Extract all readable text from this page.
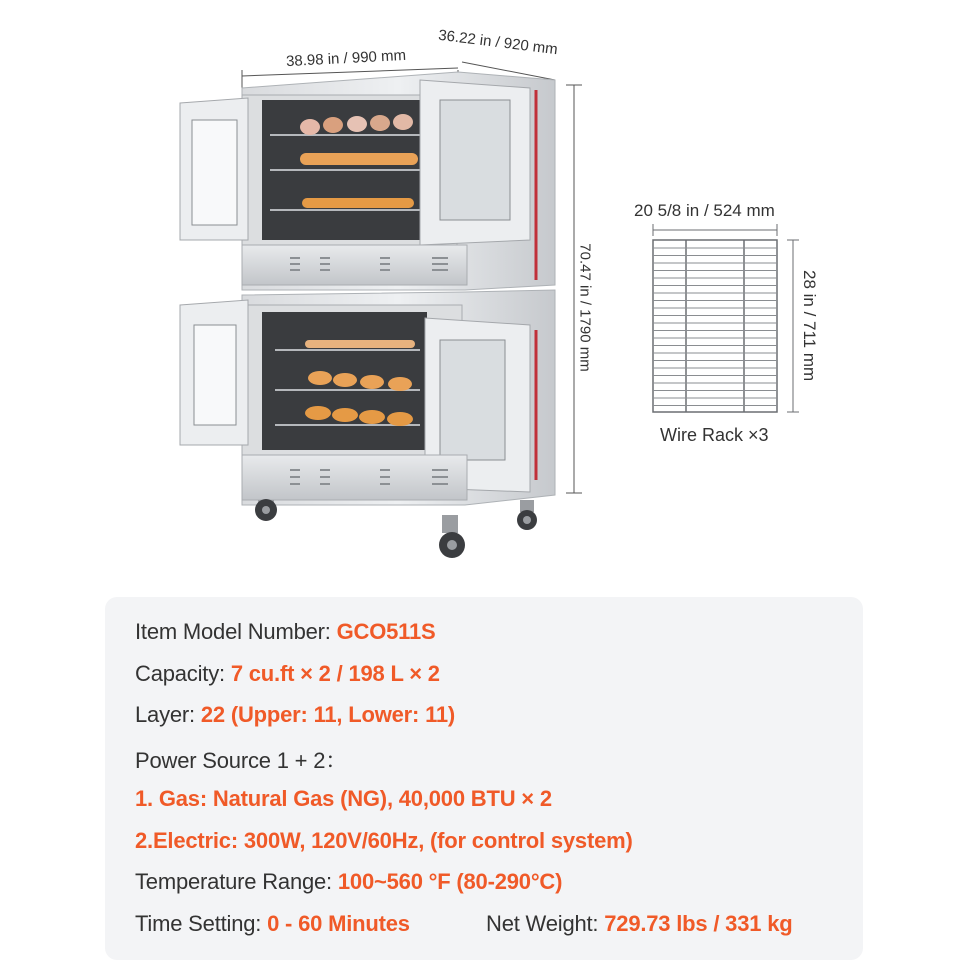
38.98 in / 990 mm
36.22 in / 920 mm
70.47 in / 1790 mm
20 5/8 in / 524 mm
28 in / 711 mm
Wire Rack ×3
Item Model Number: GCO511S
Capacity: 7 cu.ft × 2 / 198 L × 2
Layer: 22 (Upper: 11, Lower: 11)
Power Source 1 + 2：
1. Gas: Natural Gas (NG), 40,000 BTU × 2
2.Electric: 300W, 120V/60Hz, (for control system)
Temperature Range: 100~560 °F (80-290°C)
Time Setting: 0 - 60 Minutes	Net Weight: 729.73 lbs / 331 kg
